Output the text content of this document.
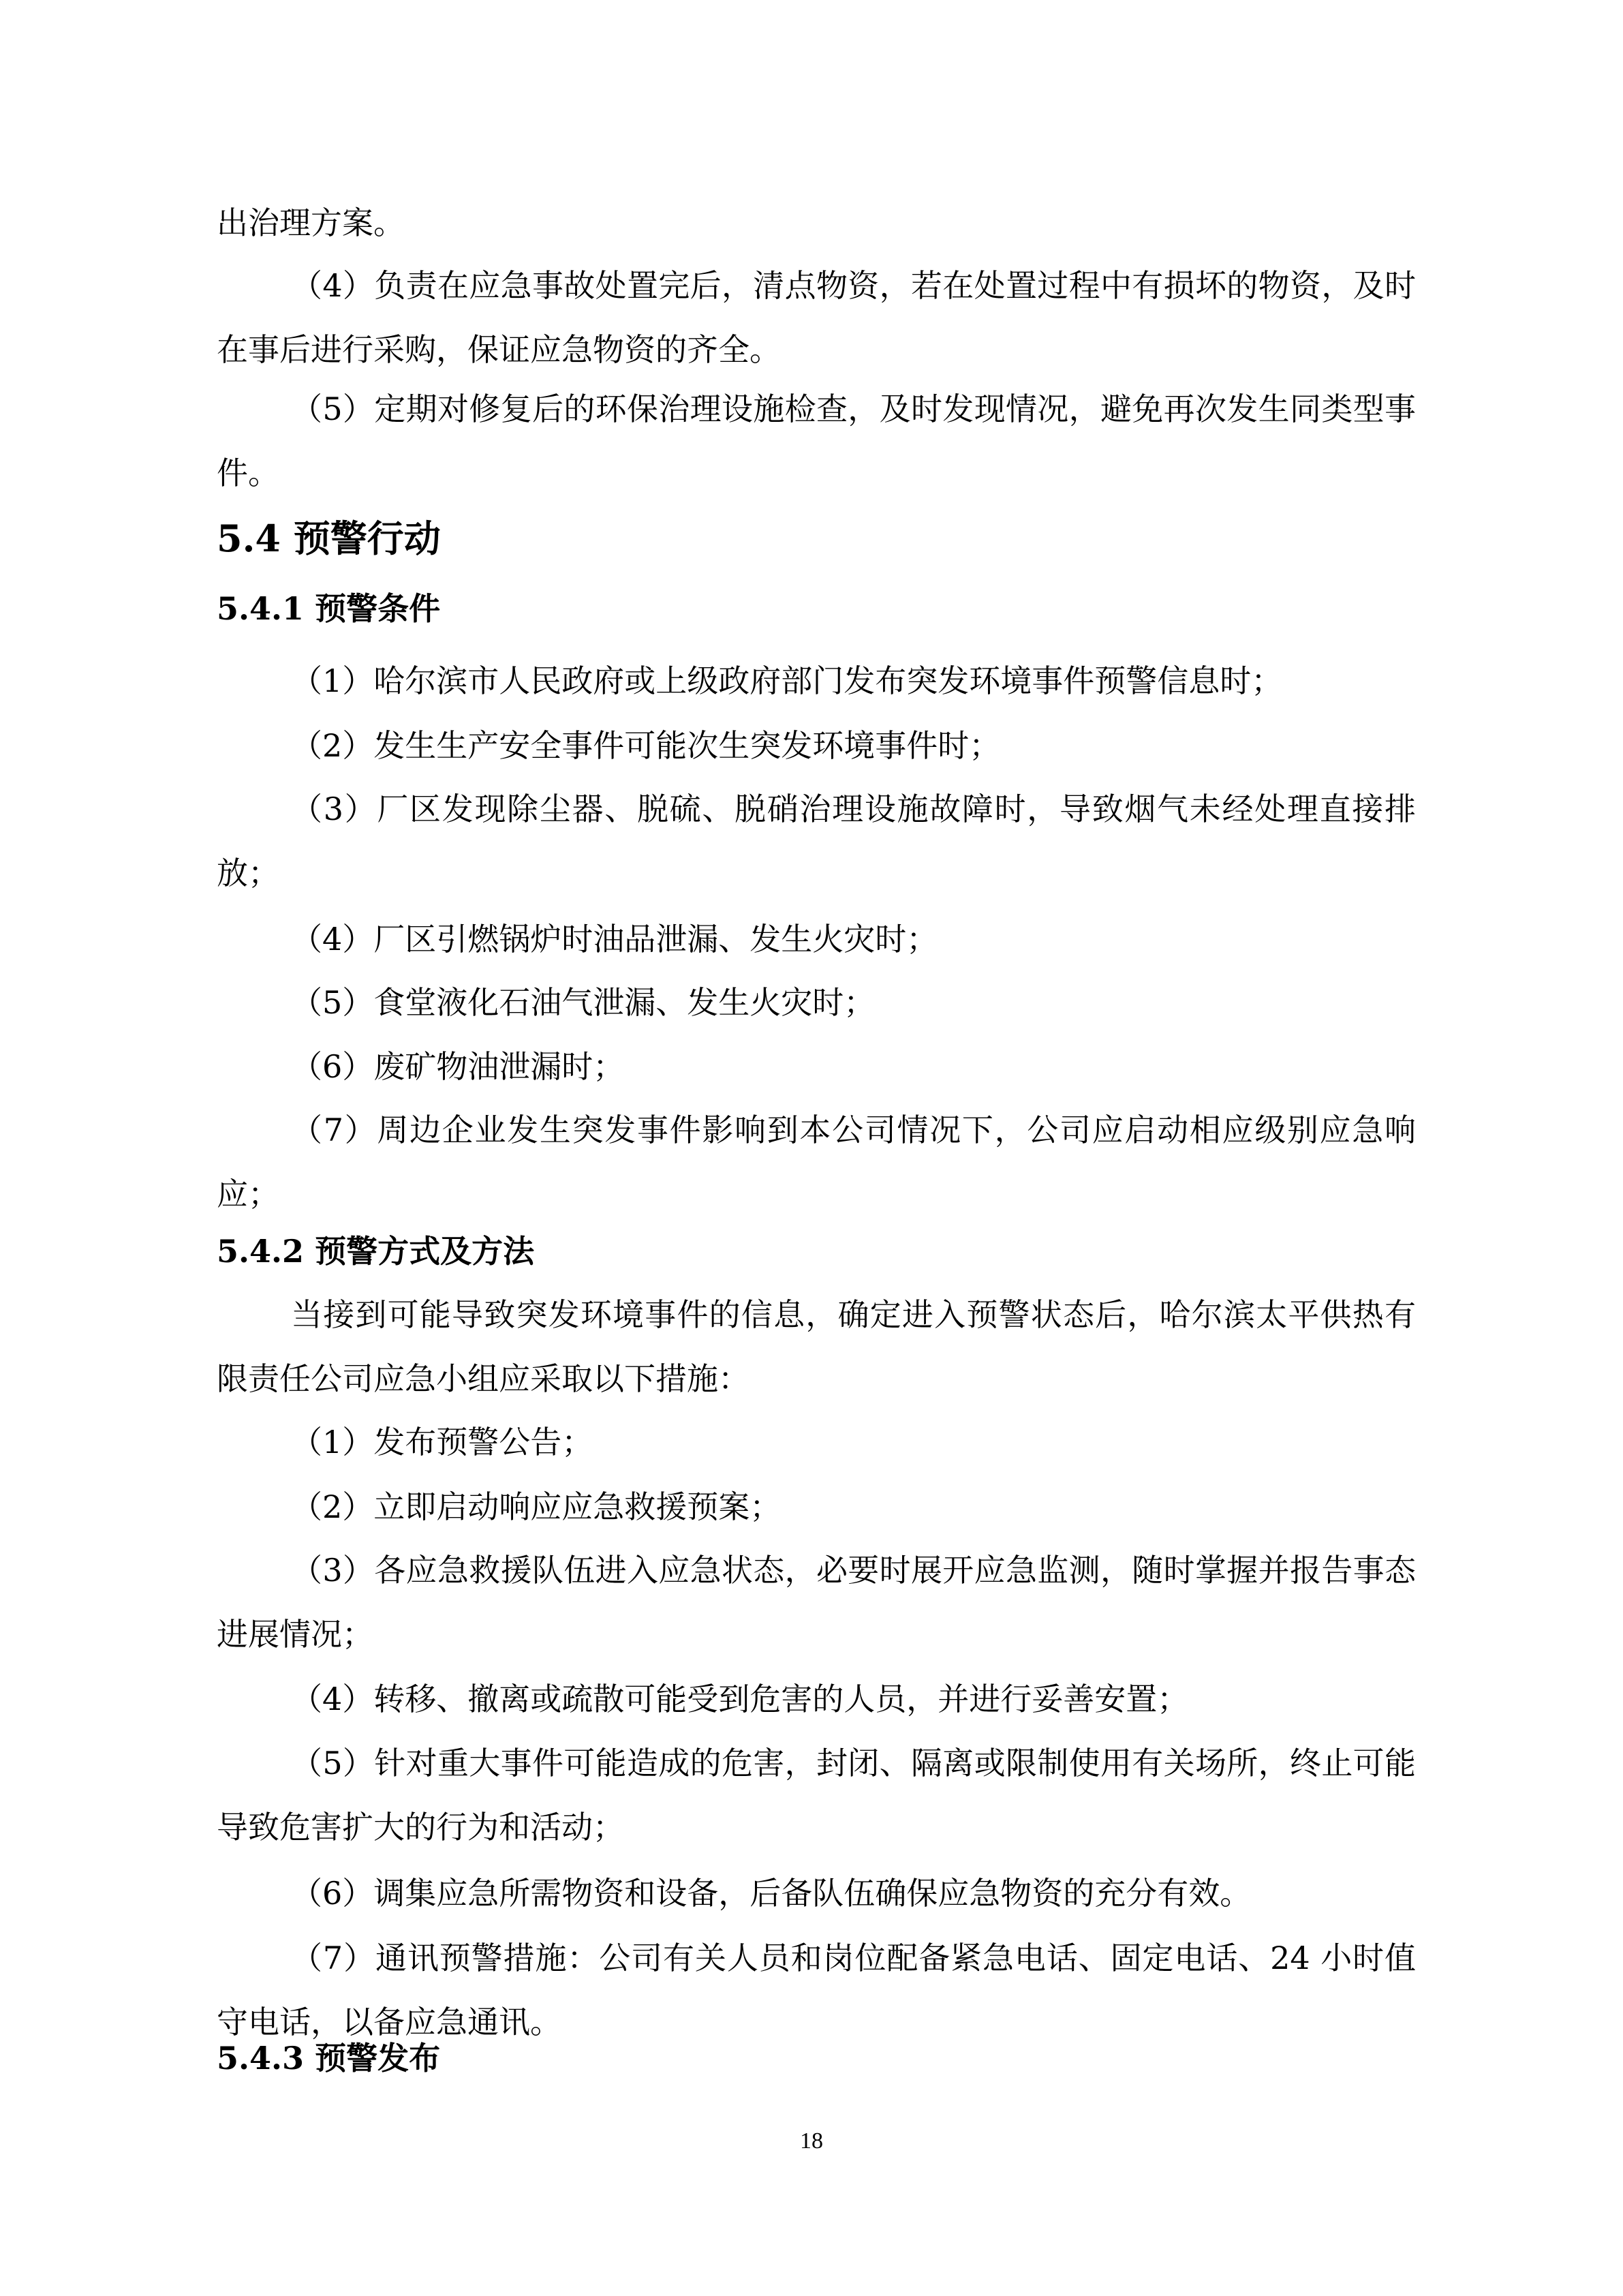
出治理方案。

（4）负责在应急事故处置完后，清点物资，若在处置过程中有损坏的物资，及时在事后进行采购，保证应急物资的齐全。

（5）定期对修复后的环保治理设施检查，及时发现情况，避免再次发生同类型事件。

5.4 预警行动
5.4.1 预警条件

（1）哈尔滨市人民政府或上级政府部门发布突发环境事件预警信息时；

（2）发生生产安全事件可能次生突发环境事件时；

（3）厂区发现除尘器、脱硫、脱硝治理设施故障时，导致烟气未经处理直接排放；

（4）厂区引燃锅炉时油品泄漏、发生火灾时；

（5）食堂液化石油气泄漏、发生火灾时；

（6）废矿物油泄漏时；

（7）周边企业发生突发事件影响到本公司情况下，公司应启动相应级别应急响应；

5.4.2 预警方式及方法

当接到可能导致突发环境事件的信息，确定进入预警状态后，哈尔滨太平供热有限责任公司应急小组应采取以下措施：

（1）发布预警公告；

（2）立即启动响应应急救援预案；

（3）各应急救援队伍进入应急状态，必要时展开应急监测，随时掌握并报告事态进展情况；

（4）转移、撤离或疏散可能受到危害的人员，并进行妥善安置；

（5）针对重大事件可能造成的危害，封闭、隔离或限制使用有关场所，终止可能导致危害扩大的行为和活动；

（6）调集应急所需物资和设备，后备队伍确保应急物资的充分有效。

（7）通讯预警措施：公司有关人员和岗位配备紧急电话、固定电话、24 小时值守电话，以备应急通讯。

5.4.3 预警发布
18
